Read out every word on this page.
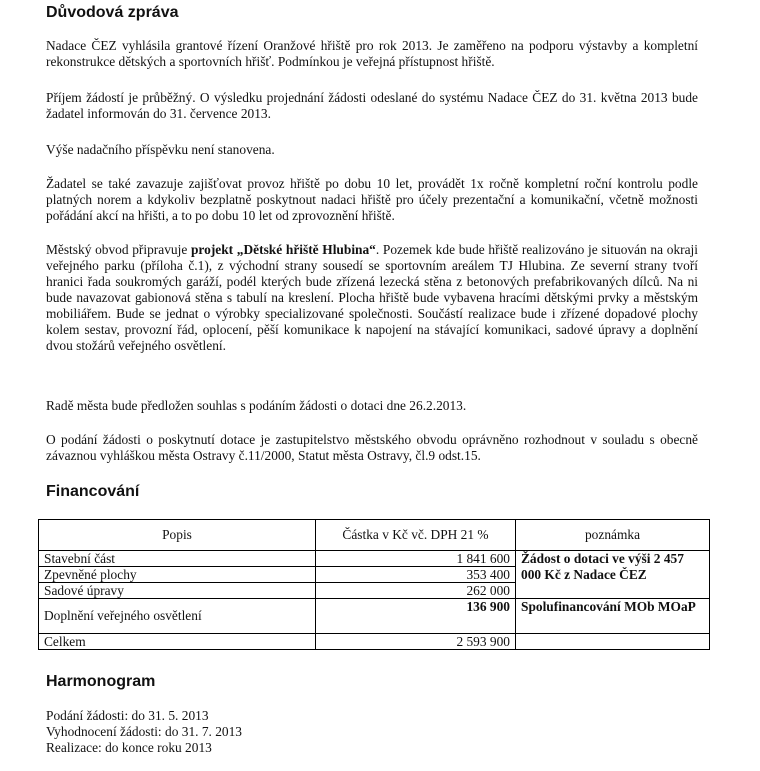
Důvodová zpráva

Nadace ČEZ vyhlásila grantové řízení Oranžové hřiště pro rok 2013. Je zaměřeno na podporu výstavby a kompletní rekonstrukce dětských a sportovních hřišť. Podmínkou je veřejná přístupnost hřiště.

Příjem žádostí je průběžný. O výsledku projednání žádosti odeslané do systému Nadace ČEZ do 31. května 2013 bude žadatel informován do 31. července 2013.

Výše nadačního příspěvku není stanovena.

Žadatel se také zavazuje zajišťovat provoz hřiště po dobu 10 let, provádět 1x ročně kompletní roční kontrolu podle platných norem a kdykoliv bezplatně poskytnout nadaci hřiště pro účely prezentační a komunikační, včetně možnosti pořádání akcí na hřišti, a to po dobu 10 let od zprovoznění hřiště.

Městský obvod připravuje projekt „Dětské hřiště Hlubina“. Pozemek kde bude hřiště realizováno je situován na okraji veřejného parku (příloha č.1), z východní strany sousedí se sportovním areálem TJ Hlubina. Ze severní strany tvoří hranici řada soukromých garáží, podél kterých bude zřízená lezecká stěna z betonových prefabrikovaných dílců. Na ni bude navazovat gabionová stěna s tabulí na kreslení. Plocha hřiště bude vybavena hracími dětskými prvky a městským mobiliářem. Bude se jednat o výrobky specializované společnosti. Součástí realizace bude i zřízené dopadové plochy kolem sestav, provozní řád, oplocení, pěší komunikace k napojení na stávající komunikaci, sadové úpravy a doplnění dvou stožárů veřejného osvětlení.

Radě města bude předložen souhlas s podáním žádosti o dotaci dne 26.2.2013.

O podání žádosti o poskytnutí dotace je zastupitelstvo městského obvodu oprávněno rozhodnout v souladu s obecně závaznou vyhláškou města Ostravy č.11/2000, Statut města Ostravy, čl.9 odst.15.

Financování
Popis	Částka v Kč vč. DPH 21 %	poznámka
Stavební část	1 841 600	Žádost o dotaci ve výši 2 457 000 Kč z Nadace ČEZ
Zpevněné plochy	353 400	
Sadové úpravy	262 000	
Doplnění veřejného osvětlení	136 900	Spolufinancování MOb MOaP
Celkem	2 593 900	
Harmonogram
Podání žádosti: do 31. 5. 2013
Vyhodnocení žádosti: do 31. 7. 2013
Realizace: do konce roku 2013
